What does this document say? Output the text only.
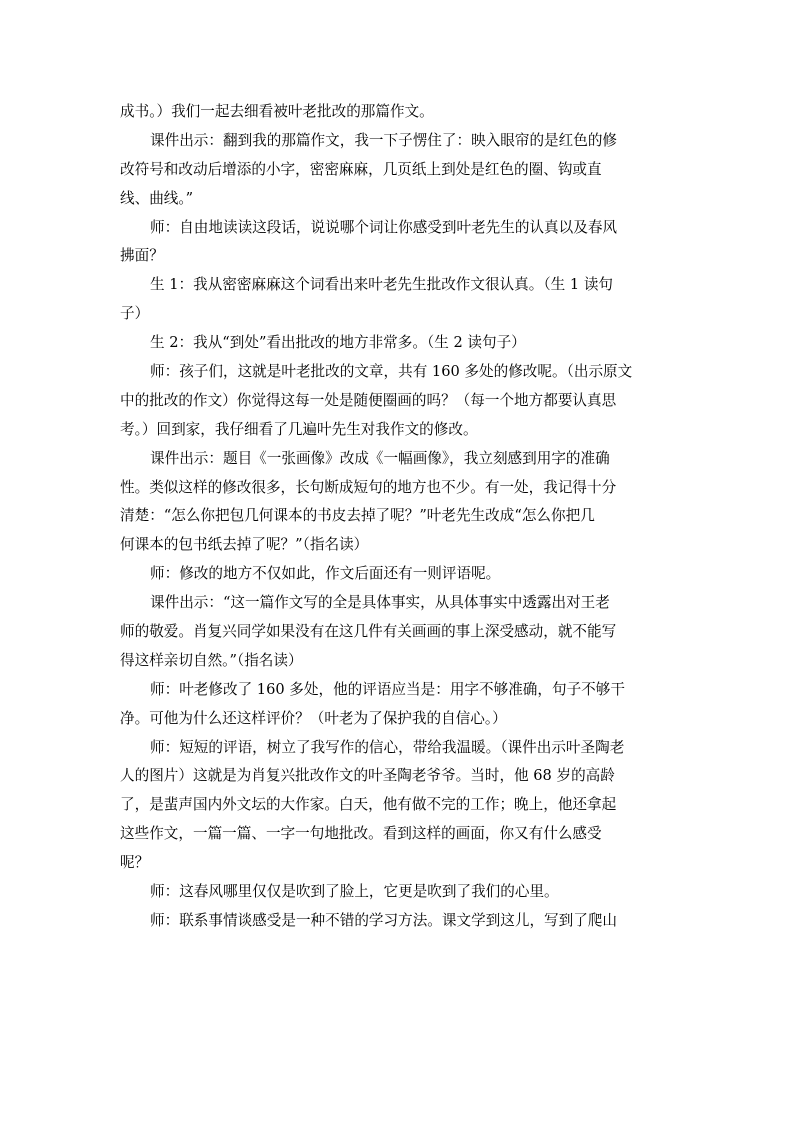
成书。）我们一起去细看被叶老批改的那篇作文。
课件出示：翻到我的那篇作文，我一下子愣住了：映入眼帘的是红色的修
改符号和改动后增添的小字，密密麻麻，几页纸上到处是红色的圈、钩或直
线、曲线。”
师：自由地读读这段话，说说哪个词让你感受到叶老先生的认真以及春风
拂面？
生 1：我从密密麻麻这个词看出来叶老先生批改作文很认真。（生 1 读句
子）
生 2：我从“到处”看出批改的地方非常多。（生 2 读句子）
师：孩子们，这就是叶老批改的文章，共有 160 多处的修改呢。（出示原文
中的批改的作文）你觉得这每一处是随便圈画的吗？（每一个地方都要认真思
考。）回到家，我仔细看了几遍叶先生对我作文的修改。
课件出示：题目《一张画像》改成《一幅画像》，我立刻感到用字的准确
性。类似这样的修改很多，长句断成短句的地方也不少。有一处，我记得十分
清楚：“怎么你把包几何课本的书皮去掉了呢？”叶老先生改成“怎么你把几
何课本的包书纸去掉了呢？”（指名读）
师：修改的地方不仅如此，作文后面还有一则评语呢。
课件出示：“这一篇作文写的全是具体事实，从具体事实中透露出对王老
师的敬爱。肖复兴同学如果没有在这几件有关画画的事上深受感动，就不能写
得这样亲切自然。”（指名读）
师：叶老修改了 160 多处，他的评语应当是：用字不够准确，句子不够干
净。可他为什么还这样评价？（叶老为了保护我的自信心。）
师：短短的评语，树立了我写作的信心，带给我温暖。（课件出示叶圣陶老
人的图片）这就是为肖复兴批改作文的叶圣陶老爷爷。当时，他 68 岁的高龄
了，是蜚声国内外文坛的大作家。白天，他有做不完的工作；晚上，他还拿起
这些作文，一篇一篇、一字一句地批改。看到这样的画面，你又有什么感受
呢？
师：这春风哪里仅仅是吹到了脸上，它更是吹到了我们的心里。
师：联系事情谈感受是一种不错的学习方法。课文学到这儿，写到了爬山
